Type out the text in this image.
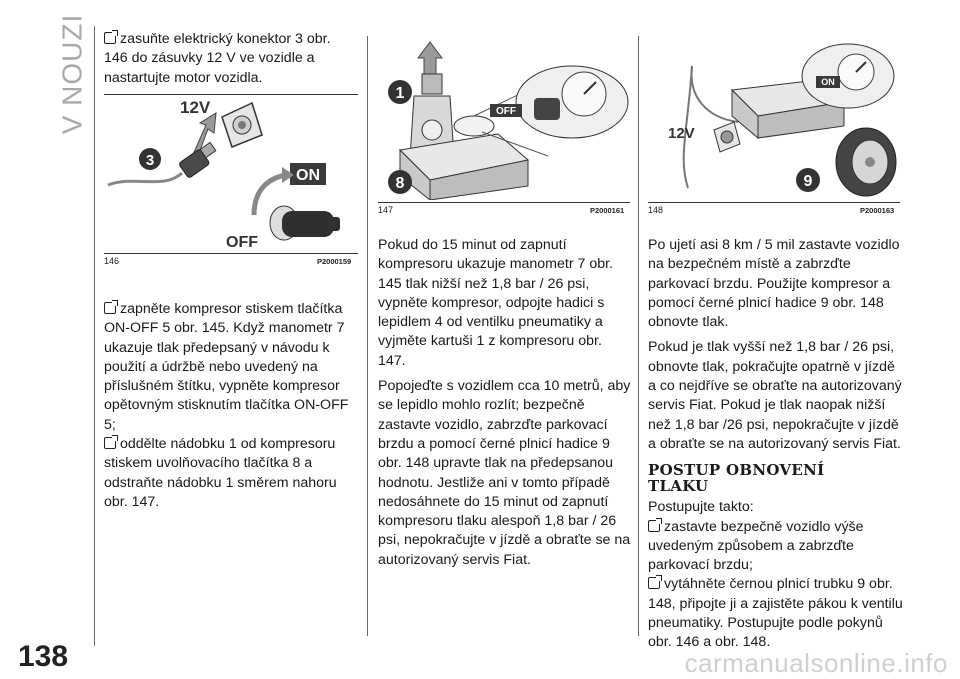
V NOUZI	zasuňte elektrický konektor 3 obr. 146 do zásuvky 12 V ve vozidle a nastartujte motor vozidla.

12V
3
ON
OFF
146	P2000159

zapněte kompresor stiskem tlačítka ON-OFF 5 obr. 145. Když manometr 7 ukazuje tlak předepsaný v návodu k použití a údržbě nebo uvedený na příslušném štítku, vypněte kompresor opětovným stisknutím tlačítka ON-OFF 5;

oddělte nádobku 1 od kompresoru stiskem uvolňovacího tlačítka 8 a odstraňte nádobku 1 směrem nahoru obr. 147.

OFF
1
8
147	P2000161

Pokud do 15 minut od zapnutí kompresoru ukazuje manometr 7 obr. 145 tlak nižší než 1,8 bar / 26 psi, vypněte kompresor, odpojte hadici s lepidlem 4 od ventilku pneumatiky a vyjměte kartuši 1 z kompresoru obr. 147.

Popojeďte s vozidlem cca 10 metrů, aby se lepidlo mohlo rozlít; bezpečně zastavte vozidlo, zabrzďte parkovací brzdu a pomocí černé plnicí hadice 9 obr. 148 upravte tlak na předepsanou hodnotu. Jestliže ani v tomto případě nedosáhnete do 15 minut od zapnutí kompresoru tlaku alespoň 1,8 bar / 26 psi, nepokračujte v jízdě a obraťte se na autorizovaný servis Fiat.

ON
12V
9
148	P2000163

Po ujetí asi 8 km / 5 mil zastavte vozidlo na bezpečném místě a zabrzďte parkovací brzdu. Použijte kompresor a pomocí černé plnicí hadice 9 obr. 148 obnovte tlak.

Pokud je tlak vyšší než 1,8 bar / 26 psi, obnovte tlak, pokračujte opatrně v jízdě a co nejdříve se obraťte na autorizovaný servis Fiat. Pokud je tlak naopak nižší než 1,8 bar /26 psi, nepokračujte v jízdě a obraťte se na autorizovaný servis Fiat.

POSTUP OBNOVENÍ TLAKU

Postupujte takto:

zastavte bezpečně vozidlo výše uvedeným způsobem a zabrzďte parkovací brzdu;

vytáhněte černou plnicí trubku 9 obr. 148, připojte ji a zajistěte pákou k ventilu pneumatiky. Postupujte podle pokynů obr. 146 a obr. 148.

138	carmanualsonline.info
